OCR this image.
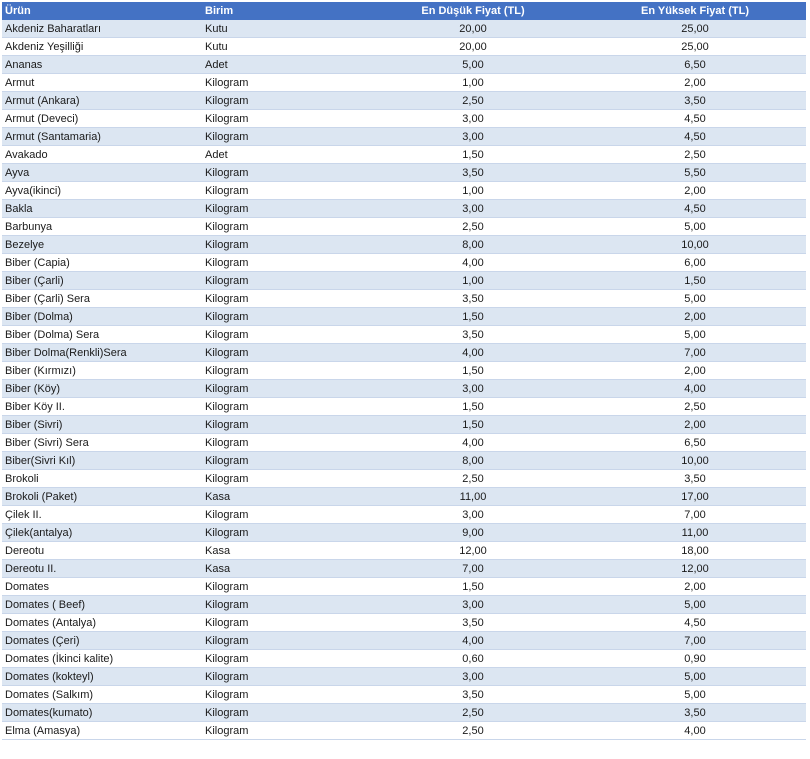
Ürün	Birim	En Düşük Fiyat (TL)	En Yüksek Fiyat (TL)
Akdeniz Baharatları	Kutu	20,00	25,00
Akdeniz Yeşilliği	Kutu	20,00	25,00
Ananas	Adet	5,00	6,50
Armut	Kilogram	1,00	2,00
Armut (Ankara)	Kilogram	2,50	3,50
Armut (Deveci)	Kilogram	3,00	4,50
Armut (Santamaria)	Kilogram	3,00	4,50
Avakado	Adet	1,50	2,50
Ayva	Kilogram	3,50	5,50
Ayva(ikinci)	Kilogram	1,00	2,00
Bakla	Kilogram	3,00	4,50
Barbunya	Kilogram	2,50	5,00
Bezelye	Kilogram	8,00	10,00
Biber (Capia)	Kilogram	4,00	6,00
Biber (Çarli)	Kilogram	1,00	1,50
Biber (Çarli) Sera	Kilogram	3,50	5,00
Biber (Dolma)	Kilogram	1,50	2,00
Biber (Dolma) Sera	Kilogram	3,50	5,00
Biber Dolma(Renkli)Sera	Kilogram	4,00	7,00
Biber (Kırmızı)	Kilogram	1,50	2,00
Biber (Köy)	Kilogram	3,00	4,00
Biber Köy II.	Kilogram	1,50	2,50
Biber (Sivri)	Kilogram	1,50	2,00
Biber (Sivri) Sera	Kilogram	4,00	6,50
Biber(Sivri Kıl)	Kilogram	8,00	10,00
Brokoli	Kilogram	2,50	3,50
Brokoli (Paket)	Kasa	11,00	17,00
Çilek II.	Kilogram	3,00	7,00
Çilek(antalya)	Kilogram	9,00	11,00
Dereotu	Kasa	12,00	18,00
Dereotu II.	Kasa	7,00	12,00
Domates	Kilogram	1,50	2,00
Domates ( Beef)	Kilogram	3,00	5,00
Domates (Antalya)	Kilogram	3,50	4,50
Domates (Çeri)	Kilogram	4,00	7,00
Domates (İkinci kalite)	Kilogram	0,60	0,90
Domates (kokteyl)	Kilogram	3,00	5,00
Domates (Salkım)	Kilogram	3,50	5,00
Domates(kumato)	Kilogram	2,50	3,50
Elma (Amasya)	Kilogram	2,50	4,00
